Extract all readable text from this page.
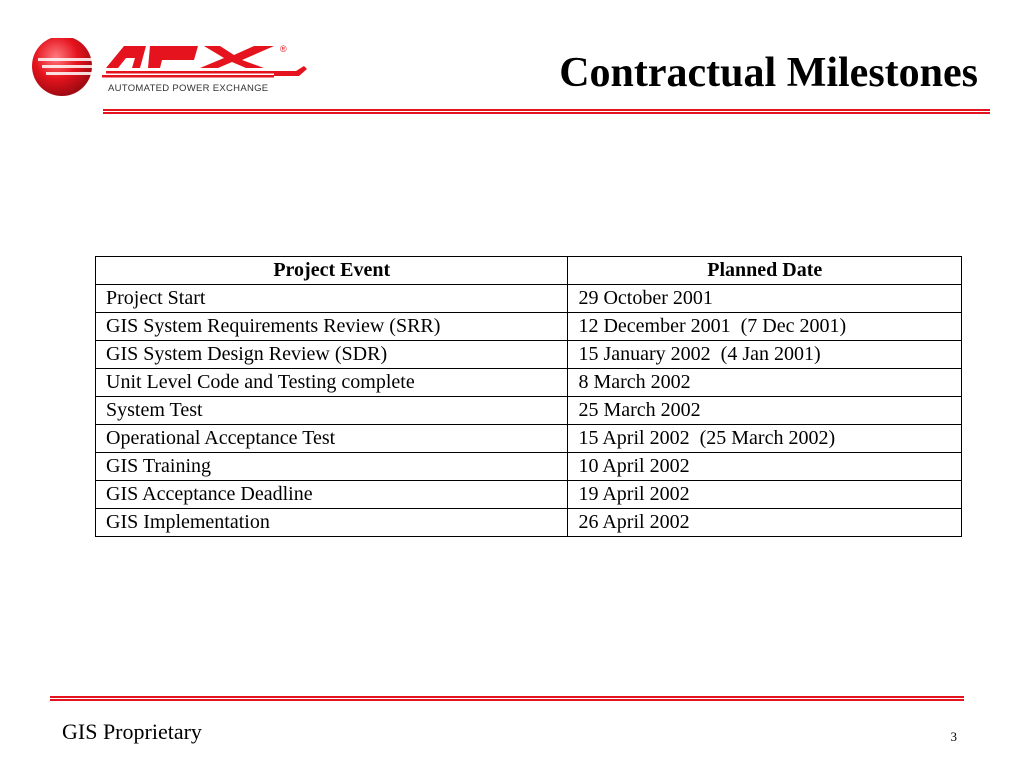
®
AUTOMATED POWER EXCHANGE	Contractual Milestones
Project Event	Planned Date
Project Start	29 October 2001
GIS System Requirements Review (SRR)	12 December 2001  (7 Dec 2001)
GIS System Design Review (SDR)	15 January 2002  (4 Jan 2001)
Unit Level Code and Testing complete	8 March 2002
System Test	25 March 2002
Operational Acceptance Test	15 April 2002  (25 March 2002)
GIS Training	10 April 2002
GIS Acceptance Deadline	19 April 2002
GIS Implementation	26 April 2002
GIS Proprietary	3
